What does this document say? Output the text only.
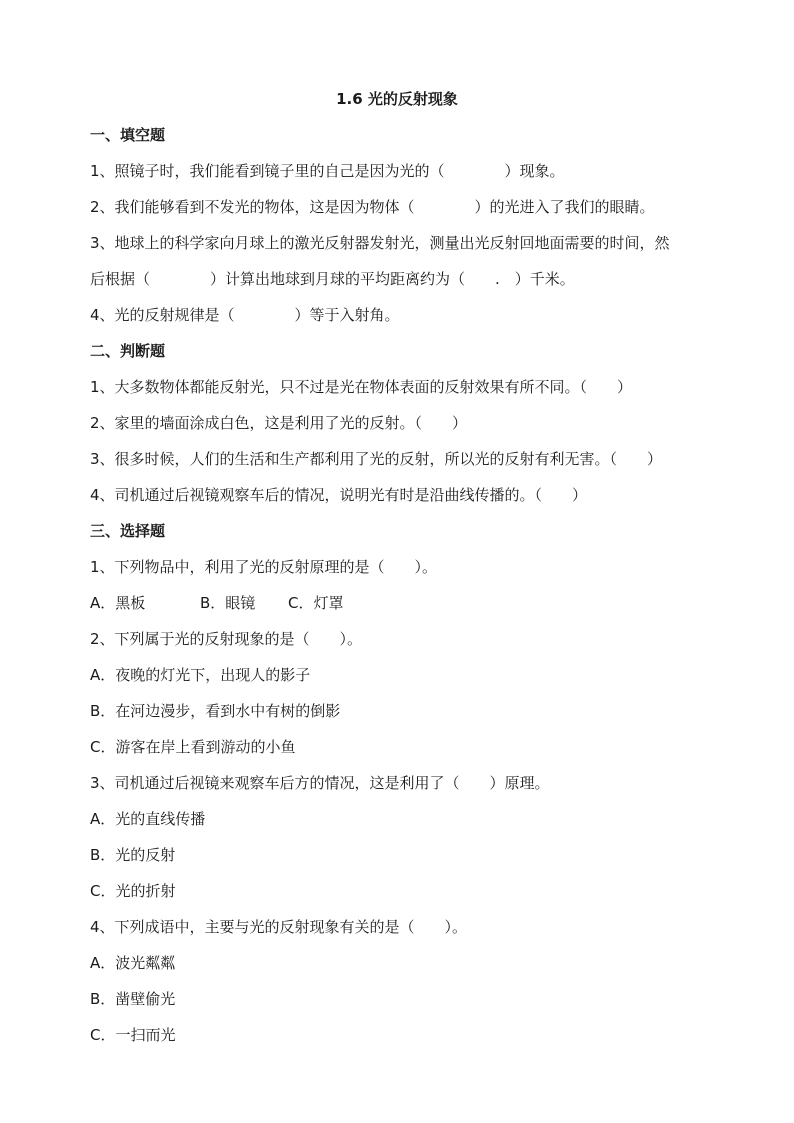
1.6 光的反射现象
一、填空题
1、照镜子时，我们能看到镜子里的自己是因为光的（　　　　）现象。
2、我们能够看到不发光的物体，这是因为物体（　　　　）的光进入了我们的眼睛。
3、地球上的科学家向月球上的激光反射器发射光，测量出光反射回地面需要的时间，然
后根据（　　　　）计算出地球到月球的平均距离约为（　　.　）千米。
4、光的反射规律是（　　　　）等于入射角。
二、判断题
1、大多数物体都能反射光，只不过是光在物体表面的反射效果有所不同。（　　）
2、家里的墙面涂成白色，这是利用了光的反射。（　　）
3、很多时候，人们的生活和生产都利用了光的反射，所以光的反射有利无害。（　　）
4、司机通过后视镜观察车后的情况，说明光有时是沿曲线传播的。（　　）
三、选择题
1、下列物品中，利用了光的反射原理的是（　　）。
A．黑板	B．眼镜 C．灯罩
2、下列属于光的反射现象的是（　　）。
A．夜晚的灯光下，出现人的影子
B．在河边漫步，看到水中有树的倒影
C．游客在岸上看到游动的小鱼
3、司机通过后视镜来观察车后方的情况，这是利用了（　　）原理。
A．光的直线传播
B．光的反射
C．光的折射
4、下列成语中，主要与光的反射现象有关的是（　　）。
A．波光粼粼
B．凿壁偷光
C．一扫而光
